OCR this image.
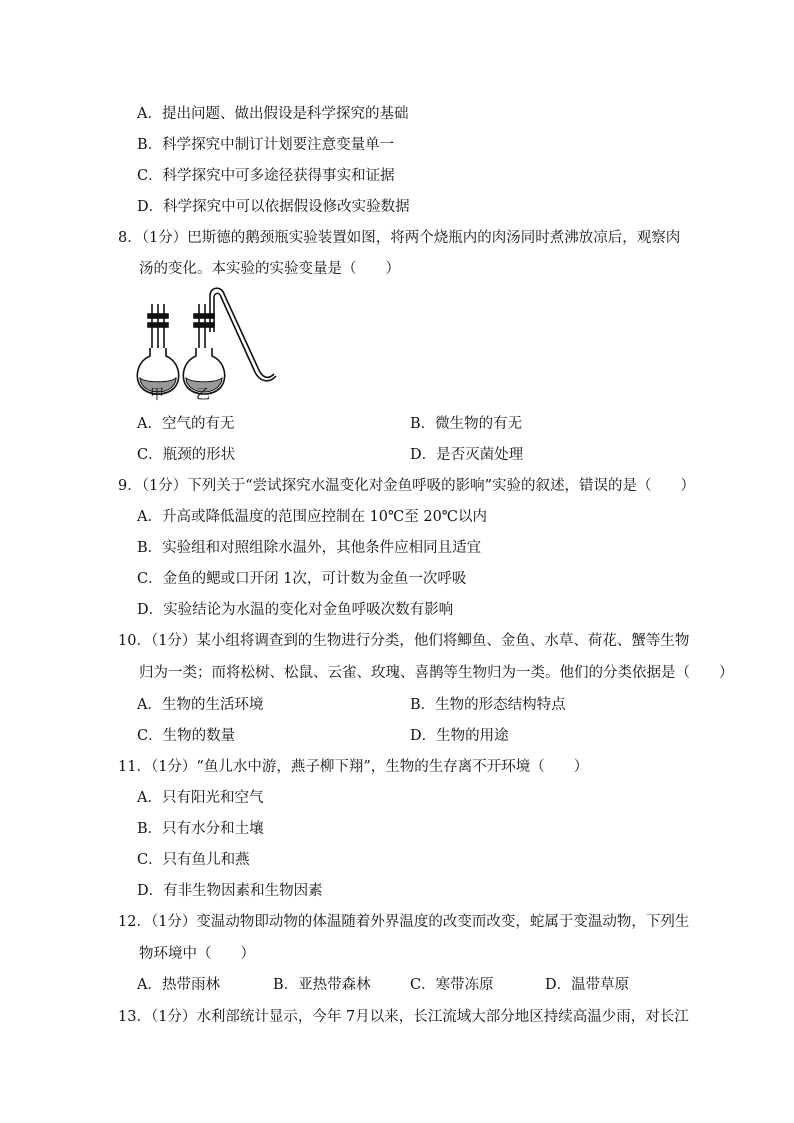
A．提出问题、做出假设是科学探究的基础
B．科学探究中制订计划要注意变量单一
C．科学探究中可多途径获得事实和证据
D．科学探究中可以依据假设修改实验数据
8．（1分）巴斯德的鹅颈瓶实验装置如图，将两个烧瓶内的肉汤同时煮沸放凉后，观察肉
汤的变化。本实验的实验变量是（　　）
甲 乙
A．空气的有无	B．微生物的有无
C．瓶颈的形状	D．是否灭菌处理
9．（1分）下列关于“尝试探究水温变化对金鱼呼吸的影响”实验的叙述，错误的是（　　）
A．升高或降低温度的范围应控制在 10℃至 20℃以内
B．实验组和对照组除水温外，其他条件应相同且适宜
C．金鱼的鳃或口开闭 1次，可计数为金鱼一次呼吸
D．实验结论为水温的变化对金鱼呼吸次数有影响
10．（1分）某小组将调查到的生物进行分类，他们将鲫鱼、金鱼、水草、荷花、蟹等生物
归为一类；而将松树、松鼠、云雀、玫瑰、喜鹊等生物归为一类。他们的分类依据是（　　）
A．生物的生活环境	B．生物的形态结构特点
C．生物的数量	D．生物的用途
11．（1分）“鱼儿水中游，燕子柳下翔”，生物的生存离不开环境（　　）
A．只有阳光和空气
B．只有水分和土壤
C．只有鱼儿和燕
D．有非生物因素和生物因素
12．（1分）变温动物即动物的体温随着外界温度的改变而改变，蛇属于变温动物，下列生
物环境中（　　）
A．热带雨林	B．亚热带森林	C．寒带冻原	D．温带草原
13．（1分）水利部统计显示，今年 7月以来，长江流域大部分地区持续高温少雨，对长江
